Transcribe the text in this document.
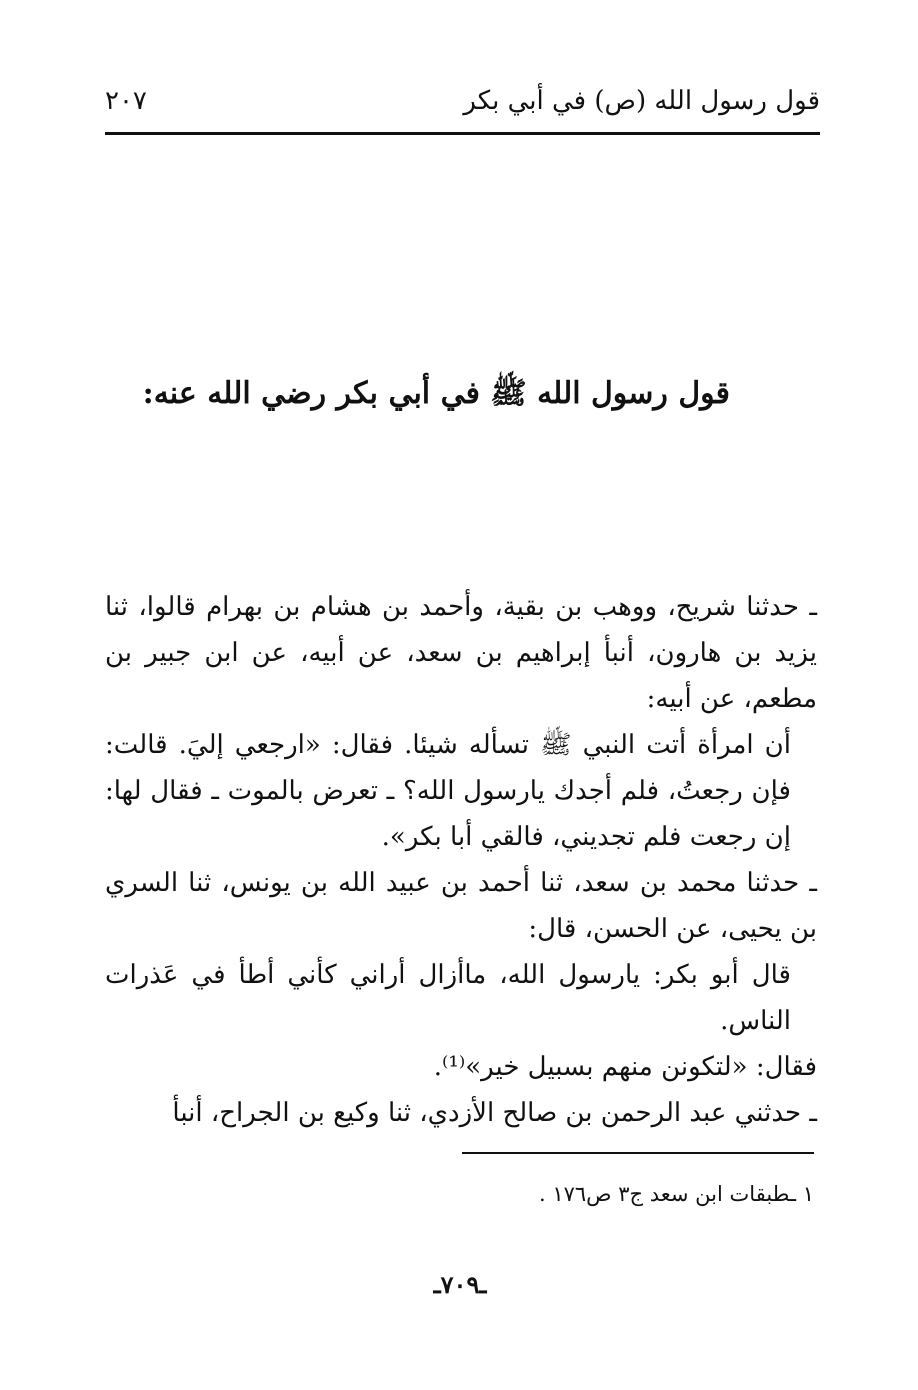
قول رسول الله (ص) في أبي بكر
٢٠٧
قول رسول الله ﷺ في أبي بكر رضي الله عنه:

ـ حدثنا شريح، ووهب بن بقية، وأحمد بن هشام بن بهرام قالوا، ثنا يزيد بن هارون، أنبأ إبراهيم بن سعد، عن أبيه، عن ابن جبير بن مطعم، عن أبيه:

أن امرأة أتت النبي ﷺ تسأله شيئا. فقال: «ارجعي إليَ. قالت: فإن رجعتُ، فلم أجدك يارسول الله؟ ـ تعرض بالموت ـ فقال لها: إن رجعت فلم تجديني، فالقي أبا بكر».

ـ حدثنا محمد بن سعد، ثنا أحمد بن عبيد الله بن يونس، ثنا السري بن يحيى، عن الحسن، قال:

قال أبو بكر: يارسول الله، ماأزال أراني كأني أطأ في عَذرات الناس.

فقال: «لتكونن منهم بسبيل خير»⁽¹⁾.

ـ حدثني عبد الرحمن بن صالح الأزدي، ثنا وكيع بن الجراح، أنبأ

١ ـطبقات ابن سعد ج٣ ص١٧٦ .
ـ٧٠٩ـ
